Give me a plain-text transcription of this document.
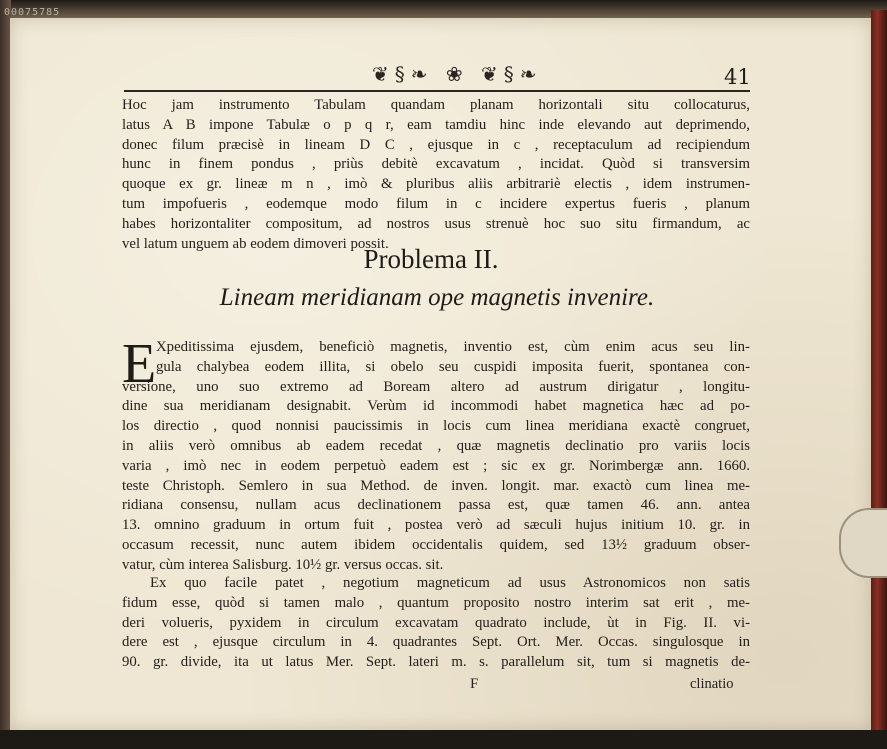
00075785
❦§❧ ❀ ❦§❧	41
Hoc jam instrumento Tabulam quandam planam horizontali situ collocaturus,
latus A B impone Tabulæ o p q r, eam tamdiu hinc inde elevando aut deprimendo,
donec filum præcisè in lineam D C , ejusque in c , receptaculum ad recipiendum
hunc in finem pondus , priùs debitè excavatum , incidat. Quòd si transversim
quoque ex gr. lineæ m n , imò & pluribus aliis arbitrariè electis , idem instrumen-
tum impofueris , eodemque modo filum in c incidere expertus fueris , planum
habes horizontaliter compositum, ad nostros usus strenuè hoc suo situ firmandum, ac
vel latum unguem ab eodem dimoveri possit.
Problema II.
Lineam meridianam ope magnetis invenire.
E Xpeditissima ejusdem, beneficiò magnetis, inventio est, cùm enim acus seu lin-
gula chalybea eodem illita, si obelo seu cuspidi imposita fuerit, spontanea con-
versione, uno suo extremo ad Boream altero ad austrum dirigatur , longitu-
dine sua meridianam designabit. Verùm id incommodi habet magnetica hæc ad po-
los directio , quod nonnisi paucissimis in locis cum linea meridiana exactè congruet,
in aliis verò omnibus ab eadem recedat , quæ magnetis declinatio pro variis locis
varia , imò nec in eodem perpetuò eadem est ; sic ex gr. Norimbergæ ann. 1660.
teste Christoph. Semlero in sua Method. de inven. longit. mar. exactò cum linea me-
ridiana consensu, nullam acus declinationem passa est, quæ tamen 46. ann. antea
13. omnino graduum in ortum fuit , postea verò ad sæculi hujus initium 10. gr. in
occasum recessit, nunc autem ibidem occidentalis quidem, sed 13½ graduum obser-
vatur, cùm interea Salisburg. 10½ gr. versus occas. sit.
Ex quo facile patet , negotium magneticum ad usus Astronomicos non satis
fidum esse, quòd si tamen malo , quantum proposito nostro interim sat erit , me-
deri volueris, pyxidem in circulum excavatam quadrato include, ùt in Fig. II. vi-
dere est , ejusque circulum in 4. quadrantes Sept. Ort. Mer. Occas. singulosque in
90. gr. divide, ita ut latus Mer. Sept. lateri m. s. parallelum sit, tum si magnetis de-
F	clinatio
